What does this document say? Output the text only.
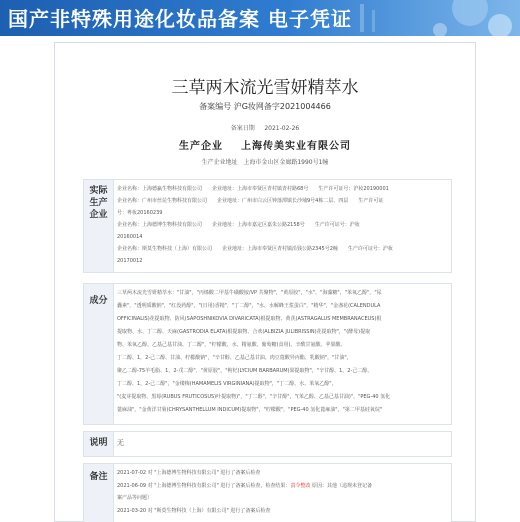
国产非特殊用途化妆品备案 电子凭证
三草两木流光雪妍精萃水
备案编号 沪G妆网备字2021004466
备案日期 2021-02-26
生产企业 上海传美实业有限公司
生产企业地址 上海市金山区金廊路1990号1幢
实际
生产
企业
企业名称：上海德赢生物科技有限公司　　企业地址：上海市奉贤区青村镇青村路68号　　生产许可证号：沪妆20190001
企业名称：广州市丝芘生物科技有限公司　　企业地址：广州市白云区钟落潭镇长沙埔9号4栋二层、四层　　生产许可证
号：粤妆20160239
企业名称：上海德博生物科技有限公司　　企业地址：上海市嘉定区嘉朱公路2158号　　生产许可证号：沪妆
20160014
企业名称：斯莫生物科技（上海）有限公司　　企业地址：上海市奉贤区青村镇沿钱公路2345号2幢　　生产许可证号：沪妆
20170012
成分
三草两木流光雪妍精萃水："甘油"，"丙烯酸二甲基牛磺酸铵/VP 共聚物"，"黄原胶"，"水"，"海藻糖"，"苯氧乙醇"，"尿
囊素"，"透明质酸钠"，"红没药醇"，"(日用)香精"，"丁二醇"，"水、水解蜂王浆蛋白"，"精华"，"金盏花(CALENDULA
OFFICINALIS)花提取物、防风(SAPOSHNIKOVIA DIVARICATA)根提取物、黄芪(ASTRAGALUS MEMBRANACEUS)根
提取物、水、丁二醇、天麻(GASTRODIA ELATA)根提取物、合欢(ALBIZIA JULIBRISSIN)花提取物"，"(酵母)提取
物、苯氧乙醇、乙基己基甘油、丁二醇"，"柠檬酸、水、精氨酸、葡萄糖(食用)、辛酰甘氨酸、苹果酸、
丁二醇、1，2-己二醇、甘油、柠檬酸钠"，"辛甘醇、乙基己基甘油、肉豆蔻酸异丙酯、乳酸钠"，"甘油"，
聚乙二醇-75羊毛脂、1，2-戊二醇"，"黄原胶"，"枸杞(LYCIUM BARBARUM)果提取物"，"辛甘醇、1，2-己二醇、
丁二醇、1，2-己二醇"，"金缕梅(HAMAMELIS VIRGINIANA)提取物"，"丁二醇、水、苯氧乙醇"，
"(麦芽提取物、黑莓(RUBUS FRUTICOSUS)叶提取物)"，"丁二醇"，"辛甘醇"，"(苯乙醇、乙基己基甘油)"，"PEG-40 氢化
蓖麻油"，"金黄洋甘菊(CHRYSANTHELLUM INDICUM)提取物"，"柠檬酸"，"PEG-40 氢化蓖麻油"，"第二甲基硅氧烷"
说明	无
备注	2021-07-02 对 "上海德博生物科技有限公司" 进行了备案后检查
2021-06-09 对 "上海德博生物科技有限公司" 进行了备案后检查，检查结果：责令整改 原因：其他（违规未登记备
案产品等问题）
2021-03-20 对 "斯莫生物科技（上海）有限公司" 进行了备案后检查
